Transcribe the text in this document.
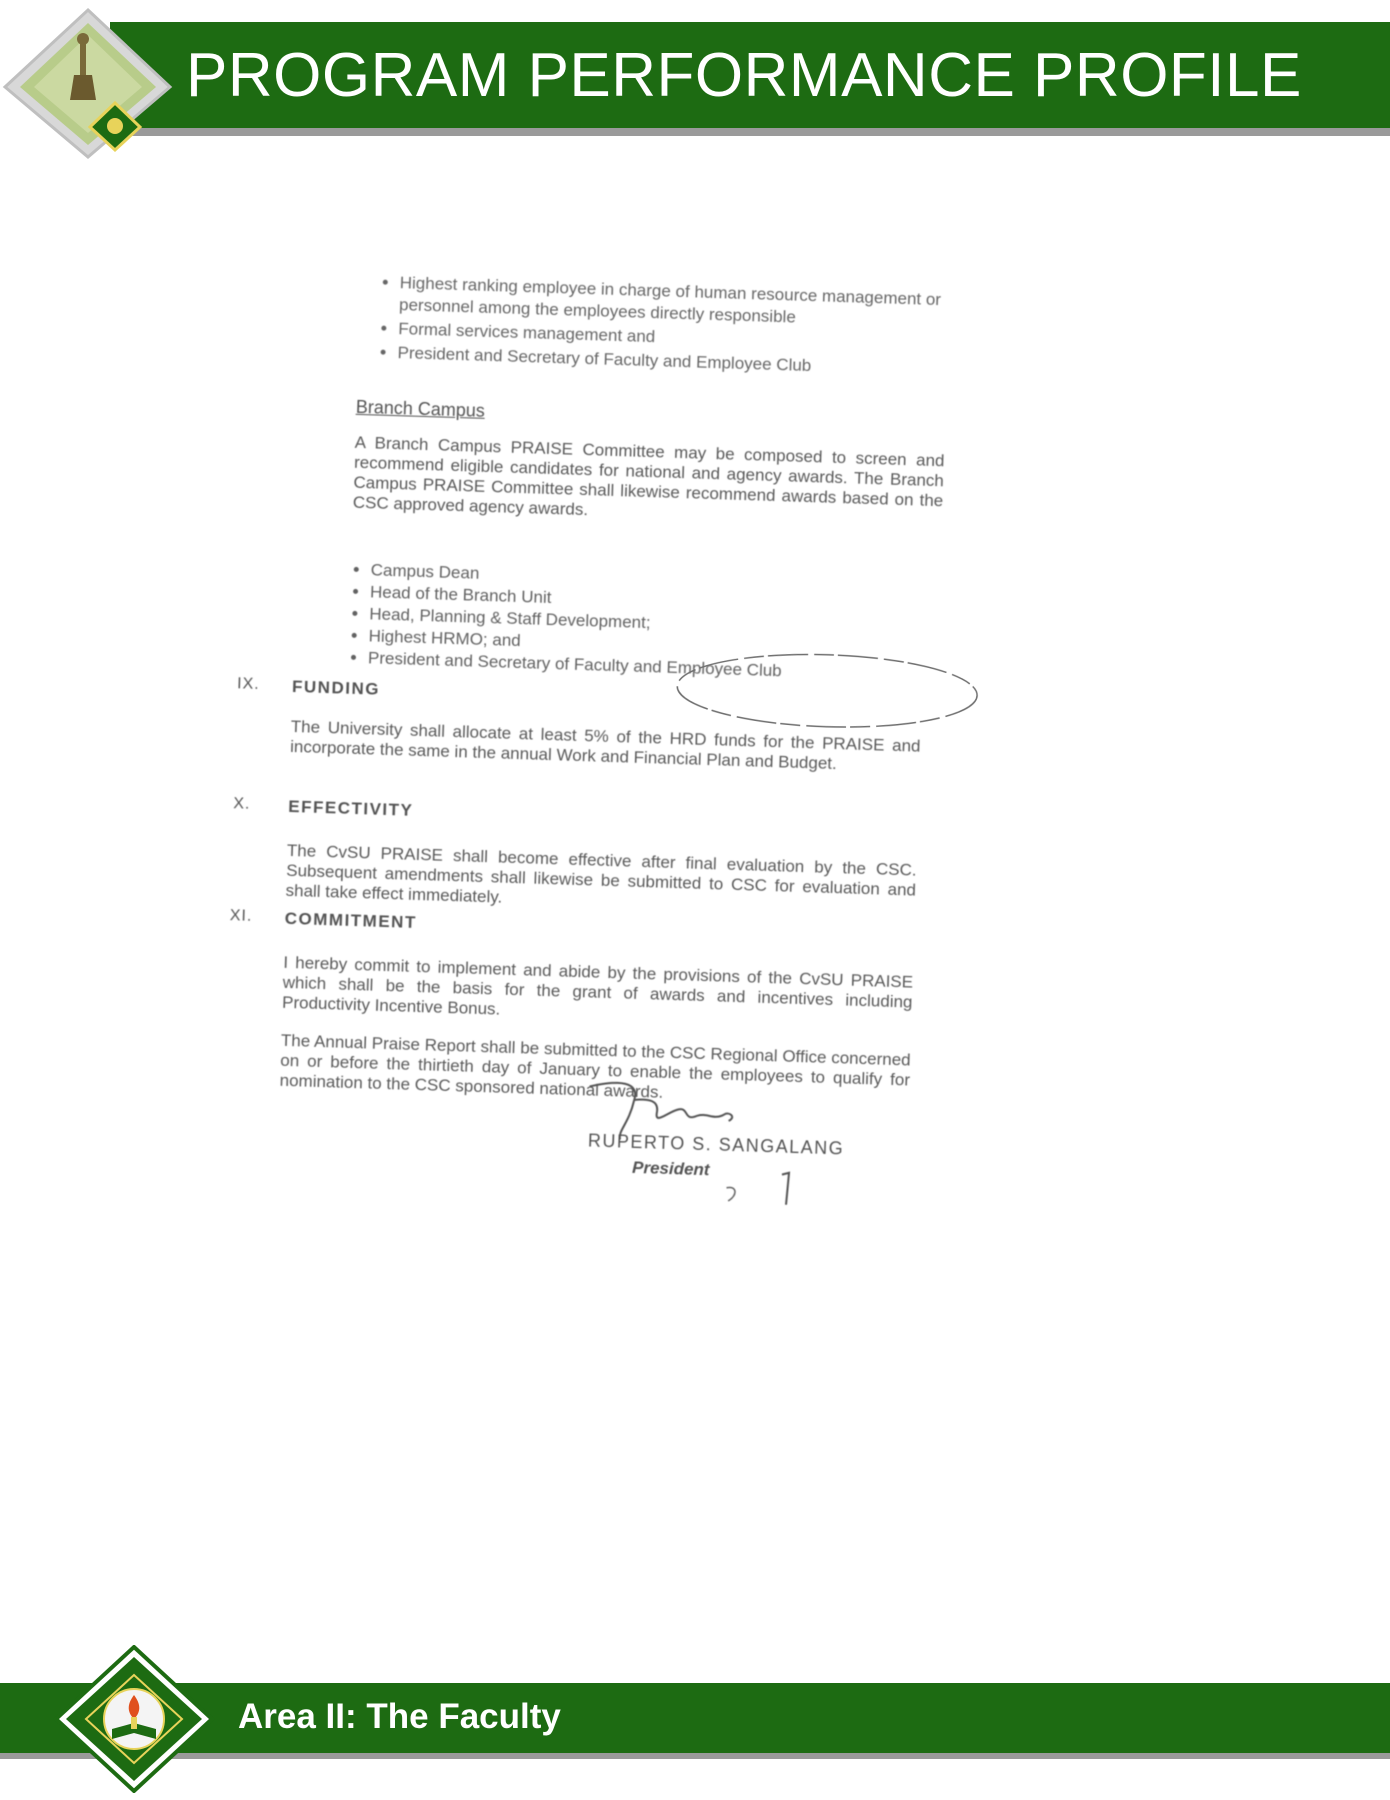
PROGRAM PERFORMANCE PROFILE
• Highest ranking employee in charge of human resource management or personnel among the employees directly responsible
• Formal services management and
• President and Secretary of Faculty and Employee Club
Branch Campus
A Branch Campus PRAISE Committee may be composed to screen and recommend eligible candidates for national and agency awards. The Branch Campus PRAISE Committee shall likewise recommend awards based on the CSC approved agency awards.
• Campus Dean
• Head of the Branch Unit
• Head, Planning & Staff Development;
• Highest HRMO; and
• President and Secretary of Faculty and Employee Club
IX. FUNDING
The University shall allocate at least 5% of the HRD funds for the PRAISE and incorporate the same in the annual Work and Financial Plan and Budget.
X. EFFECTIVITY
The CvSU PRAISE shall become effective after final evaluation by the CSC. Subsequent amendments shall likewise be submitted to CSC for evaluation and shall take effect immediately.
XI. COMMITMENT
I hereby commit to implement and abide by the provisions of the CvSU PRAISE which shall be the basis for the grant of awards and incentives including Productivity Incentive Bonus.
The Annual Praise Report shall be submitted to the CSC Regional Office concerned on or before the thirtieth day of January to enable the employees to qualify for nomination to the CSC sponsored national awards.
RUPERTO S. SANGALANG
President
Area II: The Faculty
